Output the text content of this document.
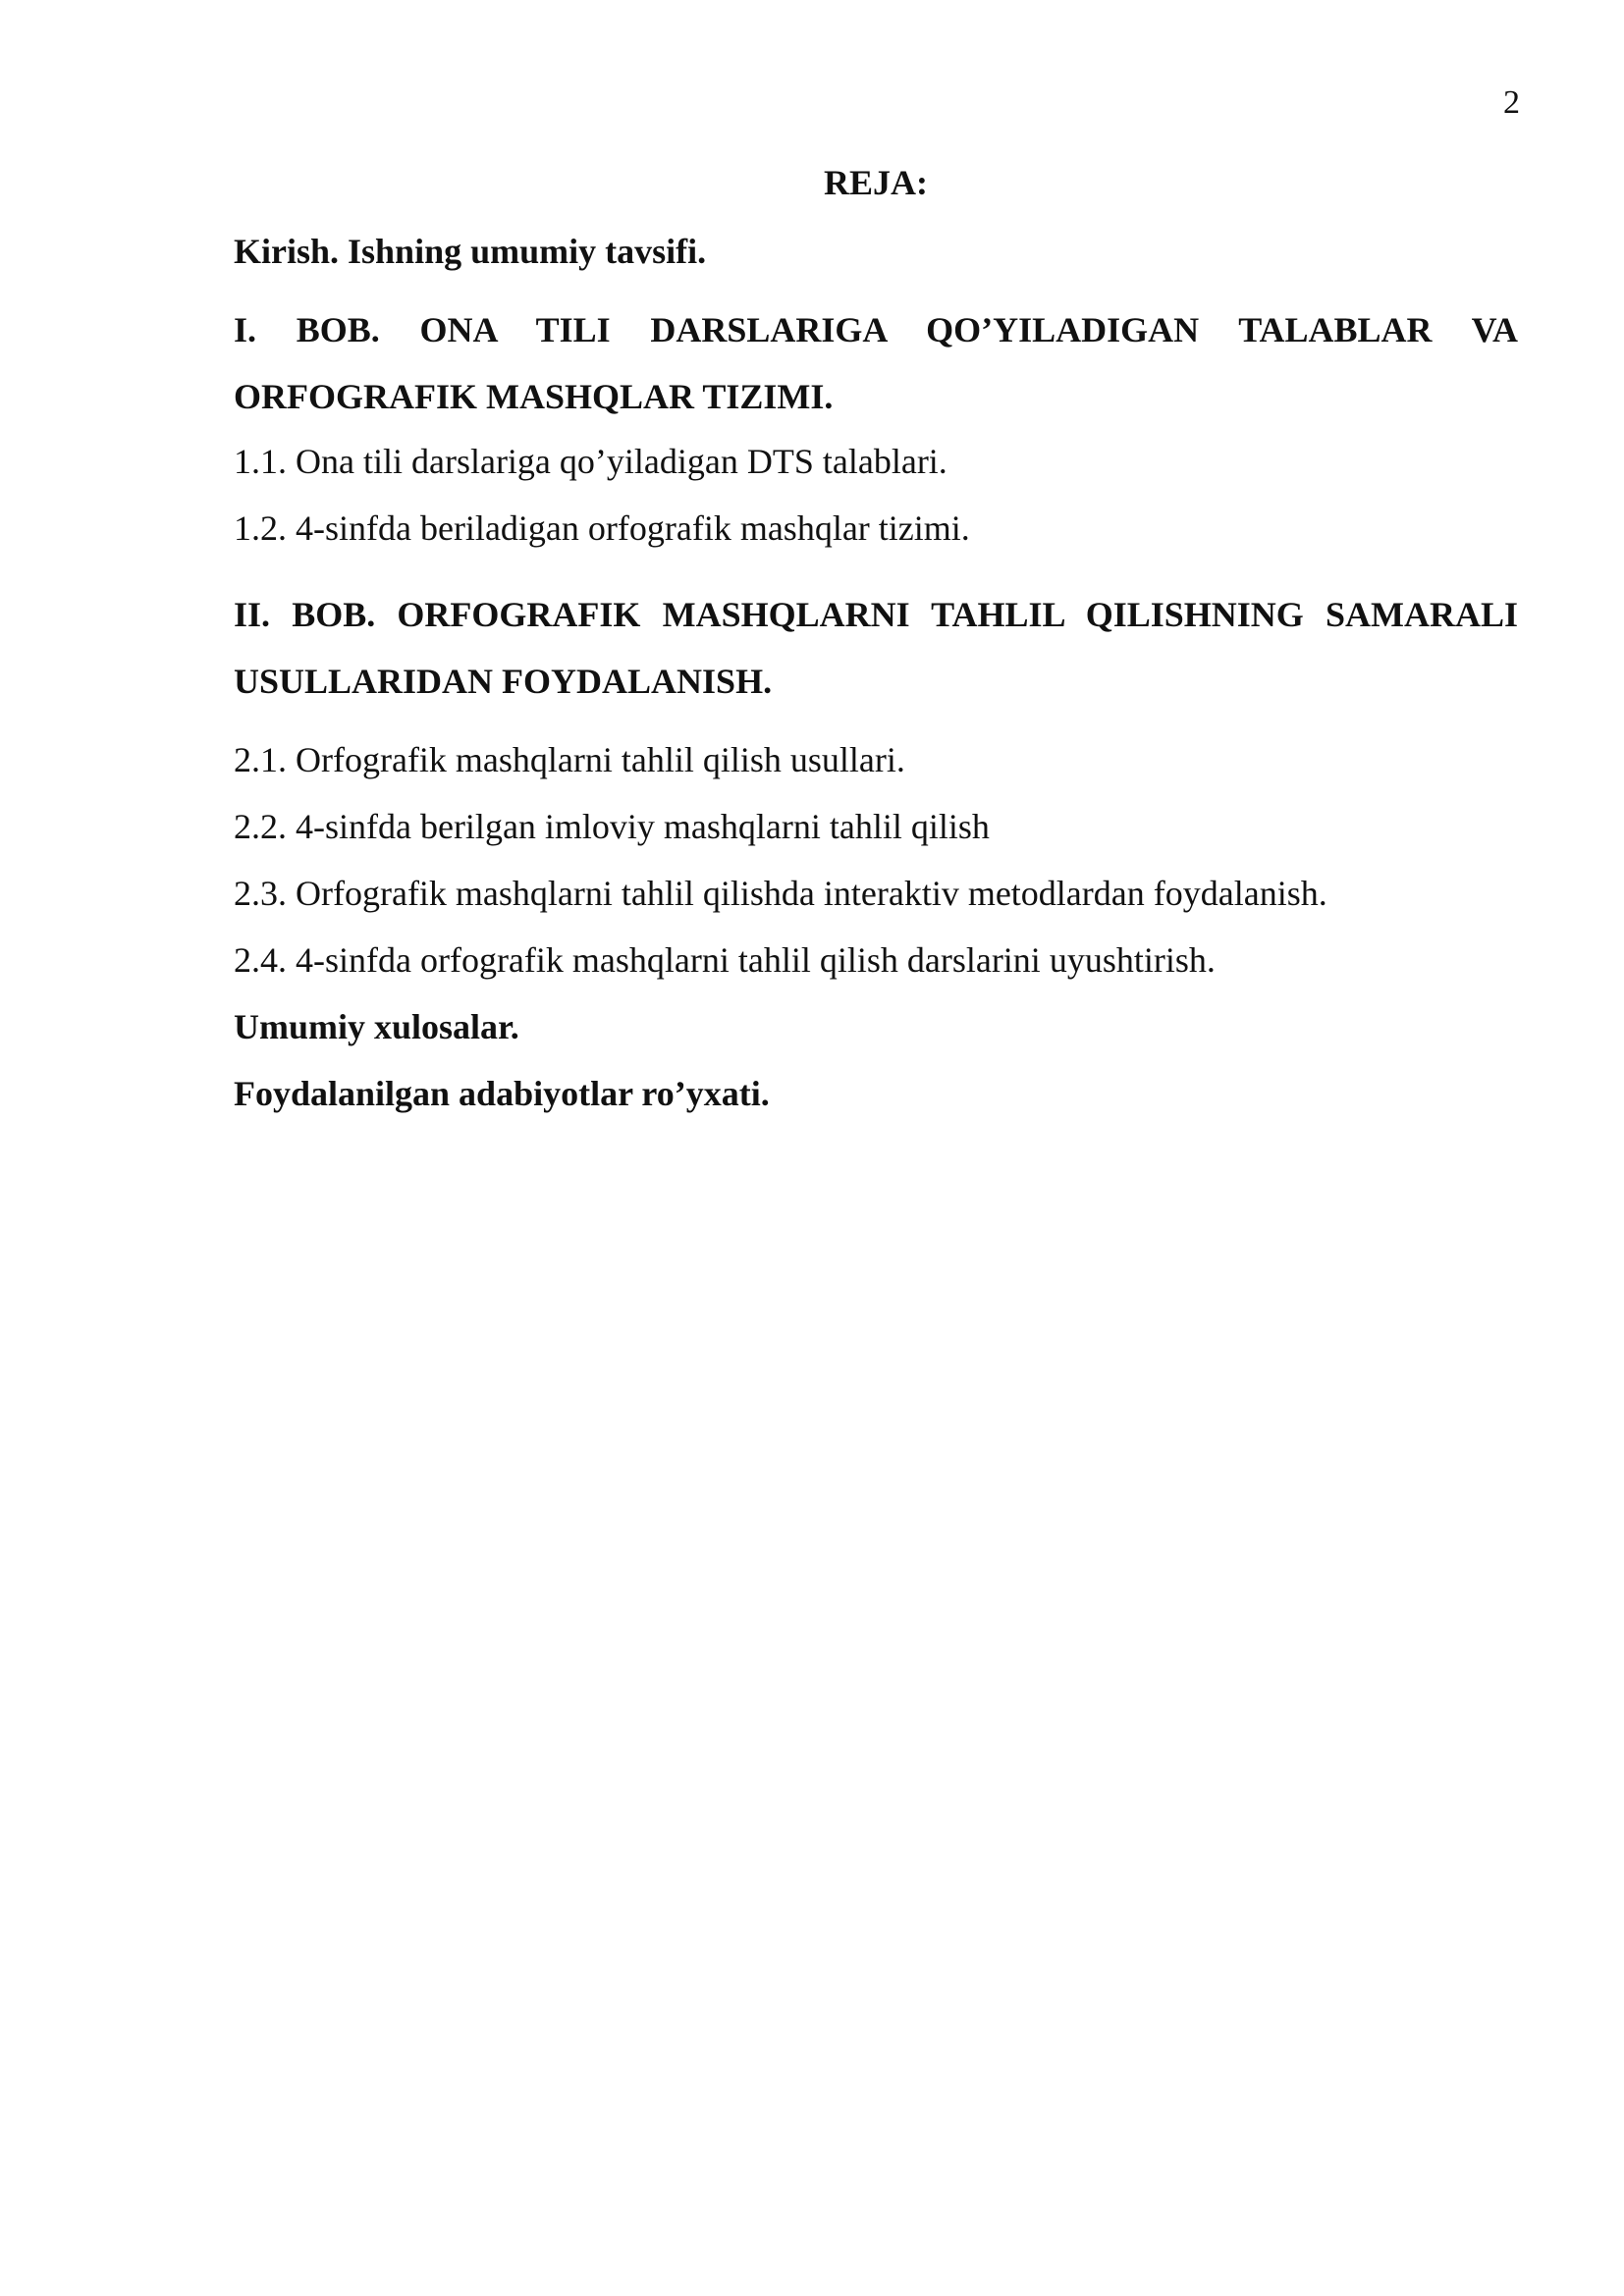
2
REJA:
Kirish. Ishning umumiy tavsifi.
I. BOB. ONA TILI DARSLARIGA QO’YILADIGAN TALABLAR VA ORFOGRAFIK MASHQLAR TIZIMI.
1.1. Ona tili darslariga qo’yiladigan DTS talablari.
1.2. 4-sinfda beriladigan orfografik mashqlar tizimi.
II. BOB. ORFOGRAFIK MASHQLARNI TAHLIL QILISHNING SAMARALI USULLARIDAN FOYDALANISH.
2.1. Orfografik mashqlarni tahlil qilish usullari.
2.2. 4-sinfda berilgan imloviy mashqlarni tahlil qilish
2.3. Orfografik mashqlarni tahlil qilishda interaktiv metodlardan foydalanish.
2.4. 4-sinfda orfografik mashqlarni tahlil qilish darslarini uyushtirish.
Umumiy xulosalar.
Foydalanilgan adabiyotlar ro’yxati.
